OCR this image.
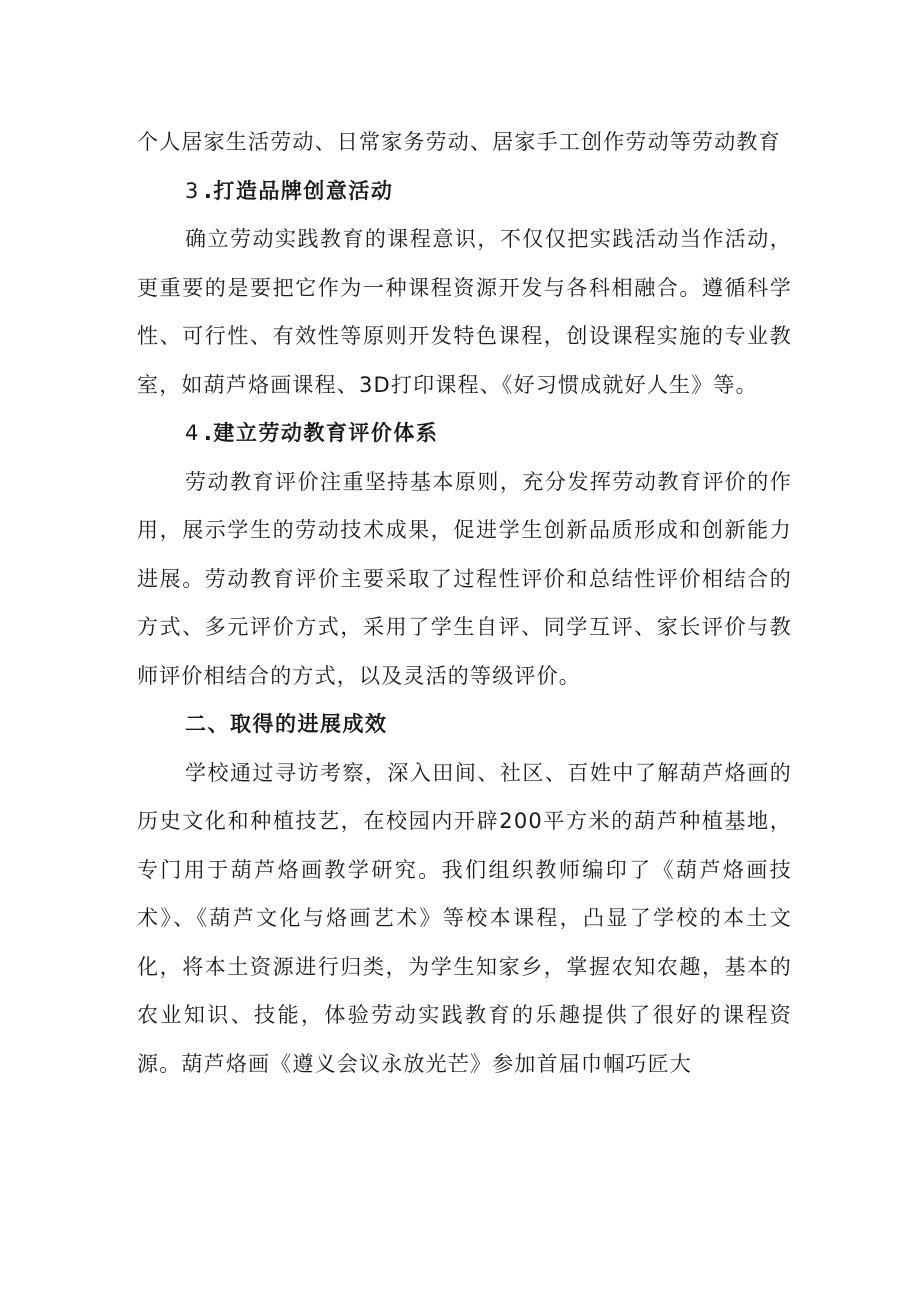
个人居家生活劳动、日常家务劳动、居家手工创作劳动等劳动教育

3 .打造品牌创意活动

确立劳动实践教育的课程意识，不仅仅把实践活动当作活动，更重要的是要把它作为一种课程资源开发与各科相融合。遵循科学性、可行性、有效性等原则开发特色课程，创设课程实施的专业教室，如葫芦烙画课程、3D打印课程、《好习惯成就好人生》等。

4 .建立劳动教育评价体系

劳动教育评价注重坚持基本原则，充分发挥劳动教育评价的作用，展示学生的劳动技术成果，促进学生创新品质形成和创新能力进展。劳动教育评价主要采取了过程性评价和总结性评价相结合的方式、多元评价方式，采用了学生自评、同学互评、家长评价与教师评价相结合的方式，以及灵活的等级评价。

二、取得的进展成效

学校通过寻访考察，深入田间、社区、百姓中了解葫芦烙画的历史文化和种植技艺，在校园内开辟200平方米的葫芦种植基地，专门用于葫芦烙画教学研究。我们组织教师编印了《葫芦烙画技术》、《葫芦文化与烙画艺术》等校本课程，凸显了学校的本土文化，将本土资源进行归类，为学生知家乡，掌握农知农趣，基本的农业知识、技能，体验劳动实践教育的乐趣提供了很好的课程资源。葫芦烙画《遵义会议永放光芒》参加首届巾帼巧匠大
